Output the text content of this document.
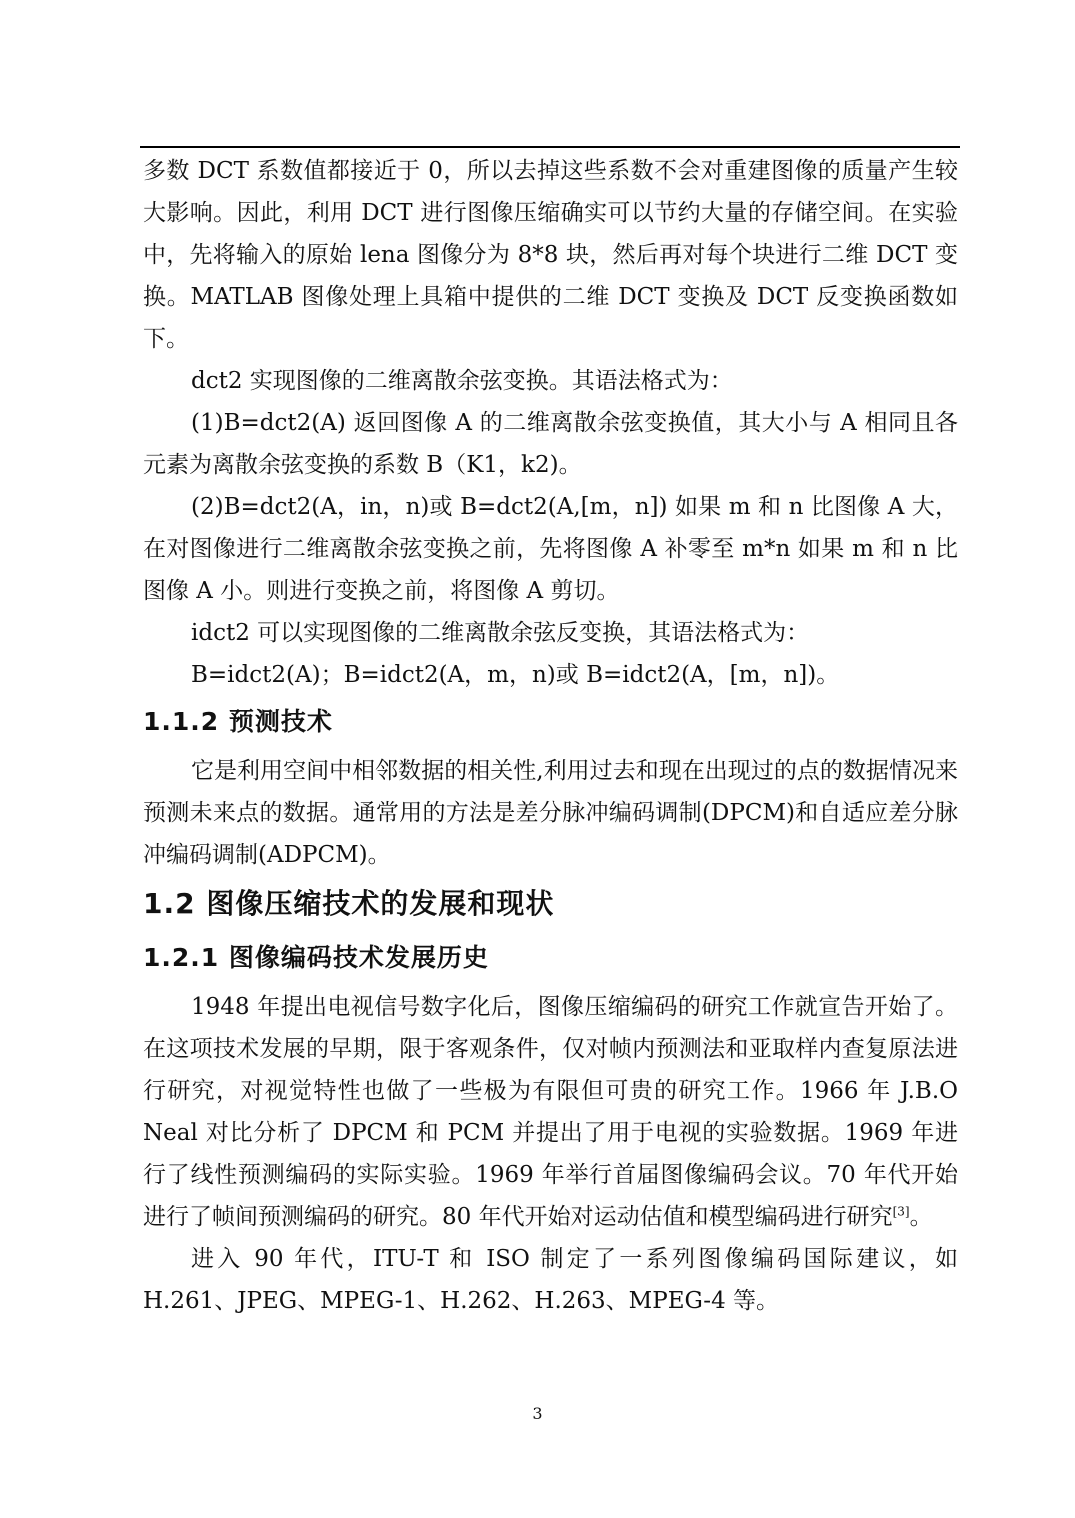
多数 DCT 系数值都接近于 0，所以去掉这些系数不会对重建图像的质量产生较大影响。因此，利用 DCT 进行图像压缩确实可以节约大量的存储空间。在实验中，先将输入的原始 lena 图像分为 8*8 块，然后再对每个块进行二维 DCT 变换。MATLAB 图像处理上具箱中提供的二维 DCT 变换及 DCT 反变换函数如下。

dct2 实现图像的二维离散余弦变换。其语法格式为：

(1)B=dct2(A) 返回图像 A 的二维离散余弦变换值，其大小与 A 相同且各元素为离散余弦变换的系数 B（K1，k2)。

(2)B=dct2(A，in，n)或 B=dct2(A,[m，n]) 如果 m 和 n 比图像 A 大，在对图像进行二维离散余弦变换之前，先将图像 A 补零至 m*n 如果 m 和 n 比图像 A 小。则进行变换之前，将图像 A 剪切。

idct2 可以实现图像的二维离散余弦反变换，其语法格式为：

B=idct2(A)；B=idct2(A，m，n)或 B=idct2(A，[m，n])。

1.1.2 预测技术

它是利用空间中相邻数据的相关性,利用过去和现在出现过的点的数据情况来预测未来点的数据。通常用的方法是差分脉冲编码调制(DPCM)和自适应差分脉冲编码调制(ADPCM)。

1.2 图像压缩技术的发展和现状
1.2.1 图像编码技术发展历史

1948 年提出电视信号数字化后，图像压缩编码的研究工作就宣告开始了。在这项技术发展的早期，限于客观条件，仅对帧内预测法和亚取样内查复原法进行研究，对视觉特性也做了一些极为有限但可贵的研究工作。1966 年 J.B.O Neal 对比分析了 DPCM 和 PCM 并提出了用于电视的实验数据。1969 年进行了线性预测编码的实际实验。1969 年举行首届图像编码会议。70 年代开始进行了帧间预测编码的研究。80 年代开始对运动估值和模型编码进行研究[3]。

进入 90 年代，ITU-T 和 ISO 制定了一系列图像编码国际建议，如 H.261、JPEG、MPEG-1、H.262、H.263、MPEG-4 等。

3
